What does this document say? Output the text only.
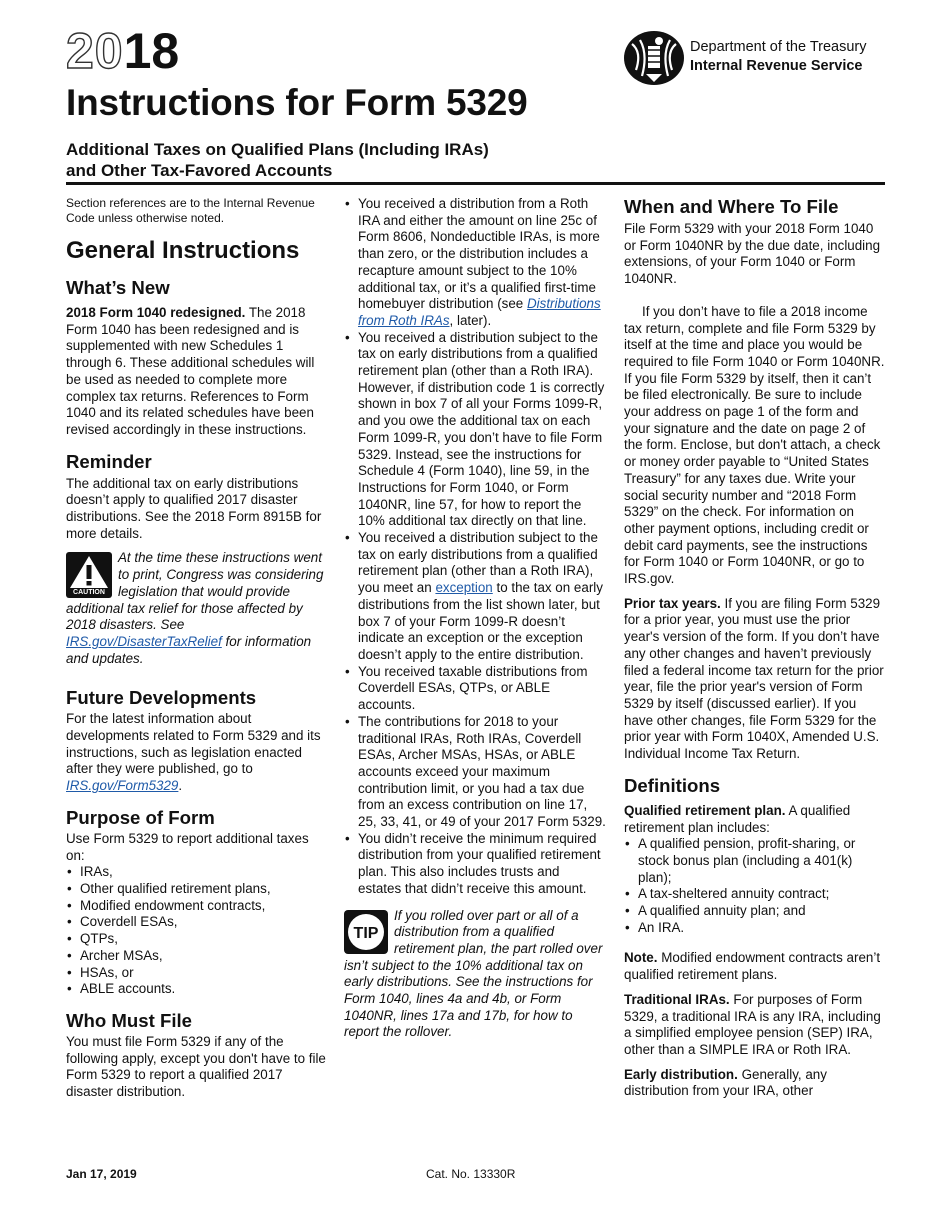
2018
Instructions for Form 5329
Additional Taxes on Qualified Plans (Including IRAs)
and Other Tax-Favored Accounts
Department of the Treasury
Internal Revenue Service

Section references are to the Internal Revenue Code unless otherwise noted.

General Instructions
What’s New

2018 Form 1040 redesigned. The 2018 Form 1040 has been redesigned and is supplemented with new Schedules 1 through 6. These additional schedules will be used as needed to complete more complex tax returns. References to Form 1040 and its related schedules have been revised accordingly in these instructions.

Reminder

The additional tax on early distributions doesn’t apply to qualified 2017 disaster distributions. See the 2018 Form 8915B for more details.

CAUTION

At the time these instructions went to print, Congress was considering legislation that would provide additional tax relief for those affected by 2018 disasters. See IRS.gov/DisasterTaxRelief for information and updates.

Future Developments

For the latest information about developments related to Form 5329 and its instructions, such as legislation enacted after they were published, go to IRS.gov/Form5329.

Purpose of Form

Use Form 5329 to report additional taxes on:

• IRAs,
• Other qualified retirement plans,
• Modified endowment contracts,
• Coverdell ESAs,
• QTPs,
• Archer MSAs,
• HSAs, or
• ABLE accounts.
Who Must File

You must file Form 5329 if any of the following apply, except you don't have to file Form 5329 to report a qualified 2017 disaster distribution.

• You received a distribution from a Roth IRA and either the amount on line 25c of Form 8606, Nondeductible IRAs, is more than zero, or the distribution includes a recapture amount subject to the 10% additional tax, or it’s a qualified first-time homebuyer distribution (see Distributions from Roth IRAs, later).
• You received a distribution subject to the tax on early distributions from a qualified retirement plan (other than a Roth IRA). However, if distribution code 1 is correctly shown in box 7 of all your Forms 1099-R, and you owe the additional tax on each Form 1099-R, you don’t have to file Form 5329. Instead, see the instructions for Schedule 4 (Form 1040), line 59, in the Instructions for Form 1040, or Form 1040NR, line 57, for how to report the 10% additional tax directly on that line.
• You received a distribution subject to the tax on early distributions from a qualified retirement plan (other than a Roth IRA), you meet an exception to the tax on early distributions from the list shown later, but box 7 of your Form 1099-R doesn’t indicate an exception or the exception doesn’t apply to the entire distribution.
• You received taxable distributions from Coverdell ESAs, QTPs, or ABLE accounts.
• The contributions for 2018 to your traditional IRAs, Roth IRAs, Coverdell ESAs, Archer MSAs, HSAs, or ABLE accounts exceed your maximum contribution limit, or you had a tax due from an excess contribution on line 17, 25, 33, 41, or 49 of your 2017 Form 5329.
• You didn’t receive the minimum required distribution from your qualified retirement plan. This also includes trusts and estates that didn’t receive this amount.
TIP

If you rolled over part or all of a distribution from a qualified retirement plan, the part rolled over isn’t subject to the 10% additional tax on early distributions. See the instructions for Form 1040, lines 4a and 4b, or Form 1040NR, lines 17a and 17b, for how to report the rollover.

When and Where To File

File Form 5329 with your 2018 Form 1040 or Form 1040NR by the due date, including extensions, of your Form 1040 or Form 1040NR.

If you don’t have to file a 2018 income tax return, complete and file Form 5329 by itself at the time and place you would be required to file Form 1040 or Form 1040NR. If you file Form 5329 by itself, then it can’t be filed electronically. Be sure to include your address on page 1 of the form and your signature and the date on page 2 of the form. Enclose, but don't attach, a check or money order payable to “United States Treasury” for any taxes due. Write your social security number and “2018 Form 5329” on the check. For information on other payment options, including credit or debit card payments, see the instructions for Form 1040 or Form 1040NR, or go to IRS.gov.

Prior tax years. If you are filing Form 5329 for a prior year, you must use the prior year's version of the form. If you don’t have any other changes and haven’t previously filed a federal income tax return for the prior year, file the prior year's version of Form 5329 by itself (discussed earlier). If you have other changes, file Form 5329 for the prior year with Form 1040X, Amended U.S. Individual Income Tax Return.

Definitions

Qualified retirement plan. A qualified retirement plan includes:

• A qualified pension, profit-sharing, or stock bonus plan (including a 401(k) plan);
• A tax-sheltered annuity contract;
• A qualified annuity plan; and
• An IRA.

Note. Modified endowment contracts aren’t qualified retirement plans.

Traditional IRAs. For purposes of Form 5329, a traditional IRA is any IRA, including a simplified employee pension (SEP) IRA, other than a SIMPLE IRA or Roth IRA.

Early distribution. Generally, any distribution from your IRA, other

Jan 17, 2019	Cat. No. 13330R
